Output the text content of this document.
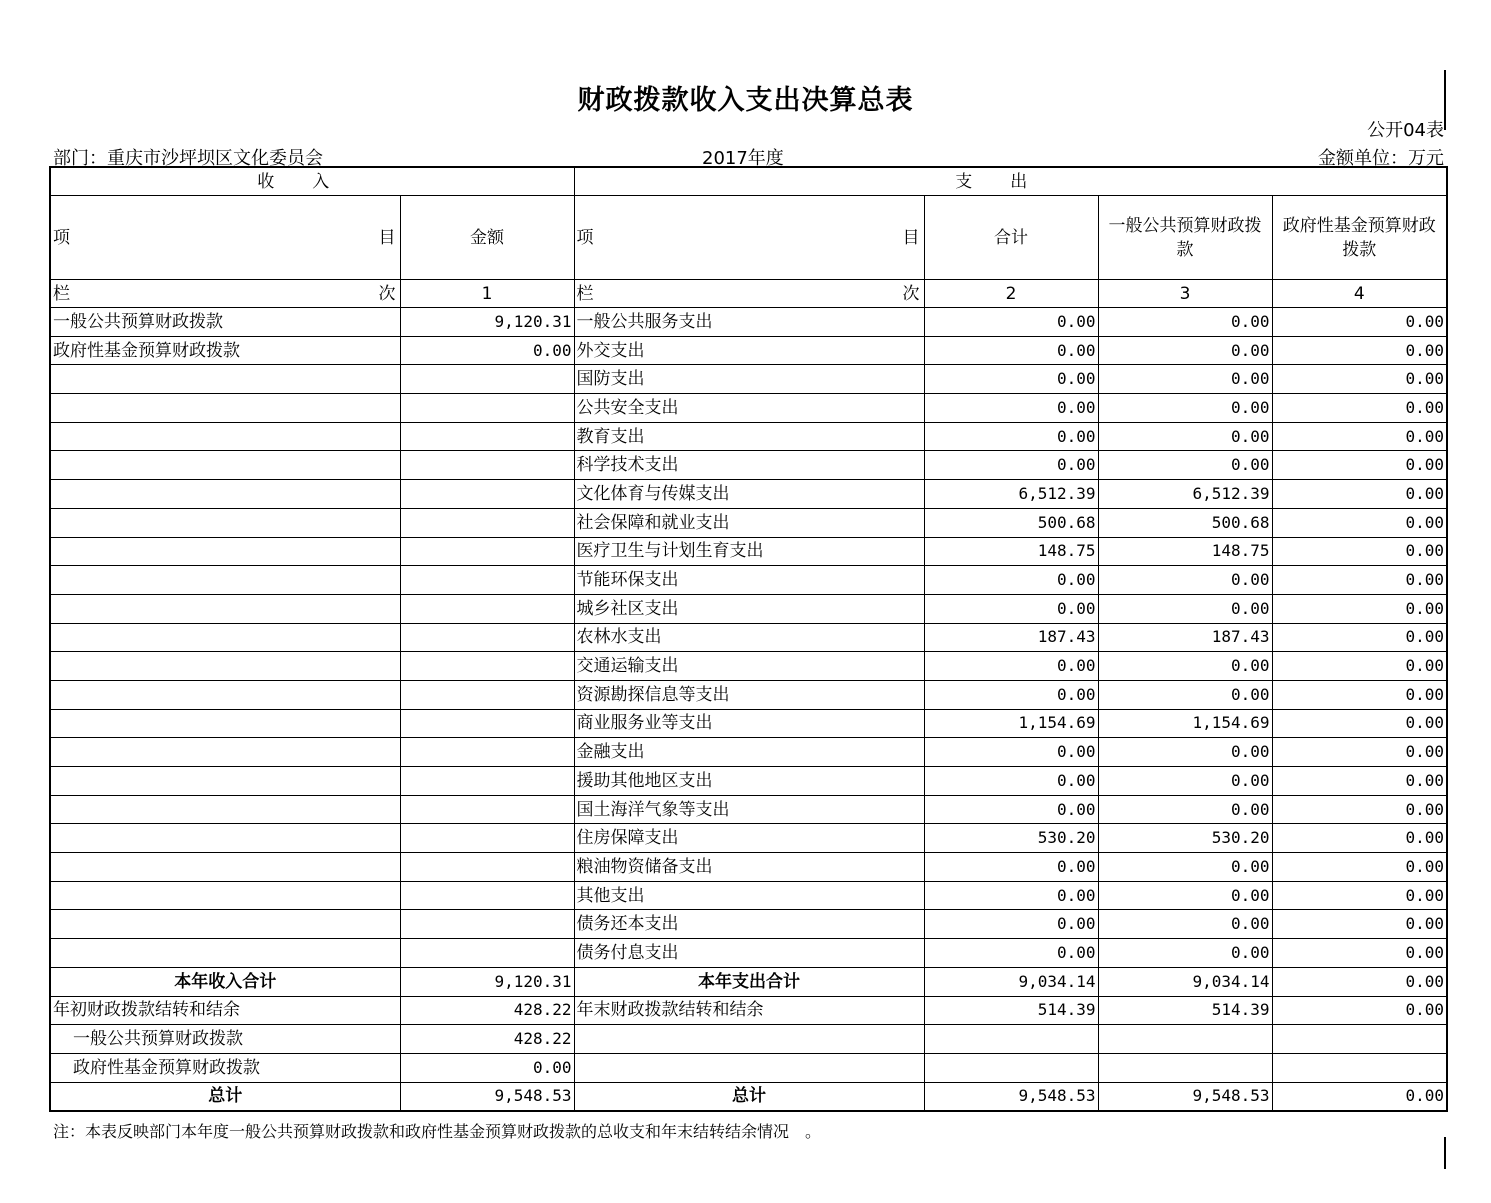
财政拨款收入支出决算总表
公开04表
部门：重庆市沙坪坝区文化委员会	2017年度	金额单位：万元
收入		支出			

项 目	金额	项 目	合计	一般公共预算财政拨款	政府性基金预算财政拨款

栏 次	1	栏 次	2	3	4
一般公共预算财政拨款	9,120.31	一般公共服务支出	0.00	0.00	0.00
政府性基金预算财政拨款	0.00	外交支出	0.00	0.00	0.00
		国防支出	0.00	0.00	0.00
		公共安全支出	0.00	0.00	0.00
		教育支出	0.00	0.00	0.00
		科学技术支出	0.00	0.00	0.00
		文化体育与传媒支出	6,512.39	6,512.39	0.00
		社会保障和就业支出	500.68	500.68	0.00
		医疗卫生与计划生育支出	148.75	148.75	0.00
		节能环保支出	0.00	0.00	0.00
		城乡社区支出	0.00	0.00	0.00
		农林水支出	187.43	187.43	0.00
		交通运输支出	0.00	0.00	0.00
		资源勘探信息等支出	0.00	0.00	0.00
		商业服务业等支出	1,154.69	1,154.69	0.00
		金融支出	0.00	0.00	0.00
		援助其他地区支出	0.00	0.00	0.00
		国土海洋气象等支出	0.00	0.00	0.00
		住房保障支出	530.20	530.20	0.00
		粮油物资储备支出	0.00	0.00	0.00
		其他支出	0.00	0.00	0.00
		债务还本支出	0.00	0.00	0.00
		债务付息支出	0.00	0.00	0.00
本年收入合计	9,120.31	本年支出合计	9,034.14	9,034.14	0.00
年初财政拨款结转和结余	428.22	年末财政拨款结转和结余	514.39	514.39	0.00
一般公共预算财政拨款	428.22				
政府性基金预算财政拨款	0.00				
总计	9,548.53	总计	9,548.53	9,548.53	0.00
注：本表反映部门本年度一般公共预算财政拨款和政府性基金预算财政拨款的总收支和年末结转结余情况　。
